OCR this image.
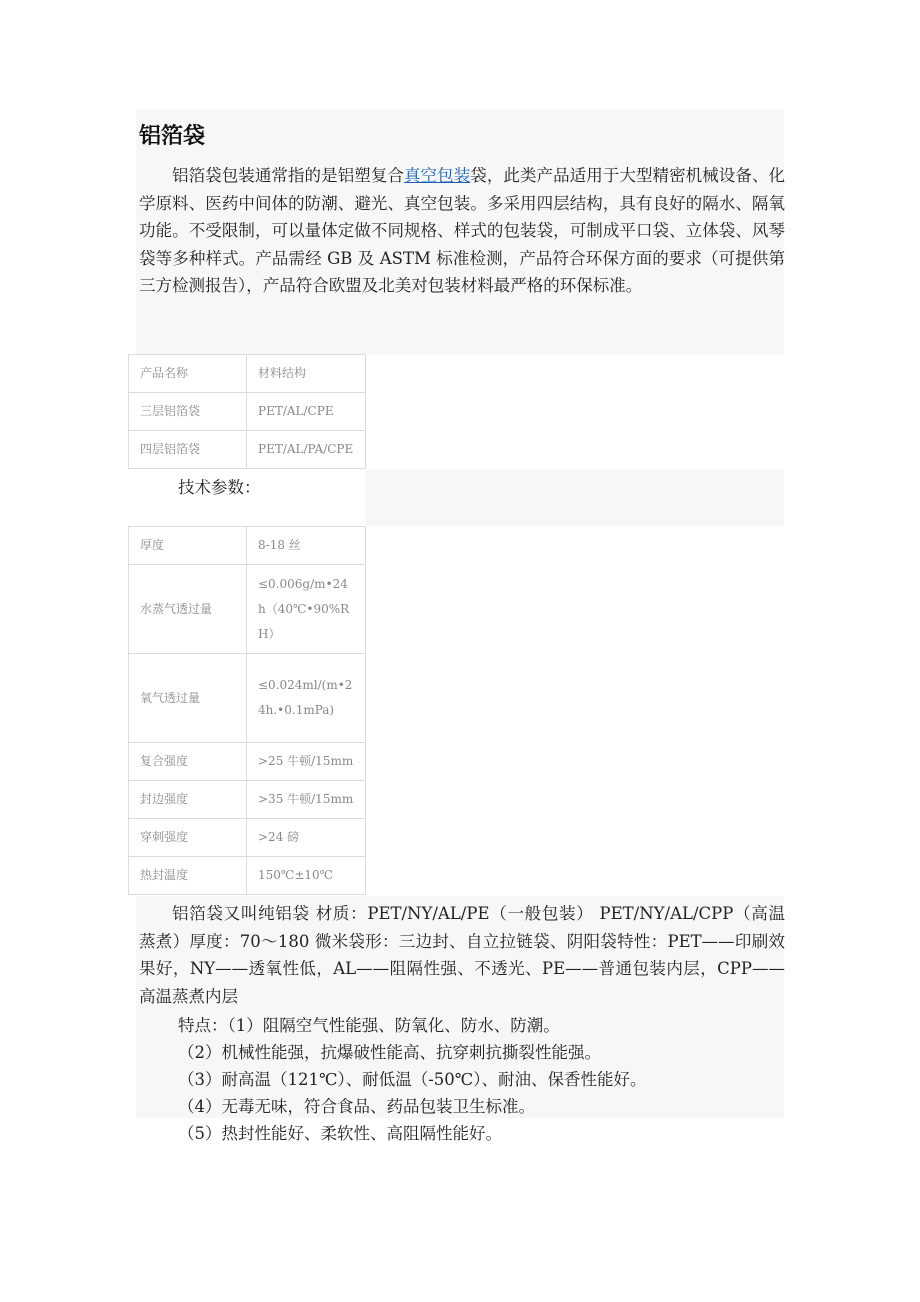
铝箔袋

铝箔袋包装通常指的是铝塑复合真空包装袋，此类产品适用于大型精密机械设备、化学原料、医药中间体的防潮、避光、真空包装。多采用四层结构，具有良好的隔水、隔氧功能。不受限制，可以量体定做不同规格、样式的包装袋，可制成平口袋、立体袋、风琴袋等多种样式。产品需经 GB 及 ASTM 标准检测，产品符合环保方面的要求（可提供第三方检测报告），产品符合欧盟及北美对包装材料最严格的环保标准。

产品名称	材料结构
三层铝箔袋	PET/AL/CPE
四层铝箔袋	PET/AL/PA/CPE

技术参数：

厚度	8-18 丝
水蒸气透过量	≤0.006g/m•24h（40℃•90%RH）
氧气透过量	≤0.024ml/(m•24h.•0.1mPa)
复合强度	>25 牛顿/15mm
封边强度	>35 牛顿/15mm
穿刺强度	>24 磅
热封温度	150℃±10℃

铝箔袋又叫纯铝袋 材质：PET/NY/AL/PE（一般包装） PET/NY/AL/CPP（高温蒸煮）厚度：70～180 微米袋形：三边封、自立拉链袋、阴阳袋特性：PET——印刷效果好，NY——透氧性低，AL——阻隔性强、不透光、PE——普通包装内层，CPP——高温蒸煮内层

特点：（1）阻隔空气性能强、防氧化、防水、防潮。

（2）机械性能强，抗爆破性能高、抗穿刺抗撕裂性能强。

（3）耐高温（121℃）、耐低温（-50℃）、耐油、保香性能好。

（4）无毒无味，符合食品、药品包装卫生标准。

（5）热封性能好、柔软性、高阻隔性能好。
